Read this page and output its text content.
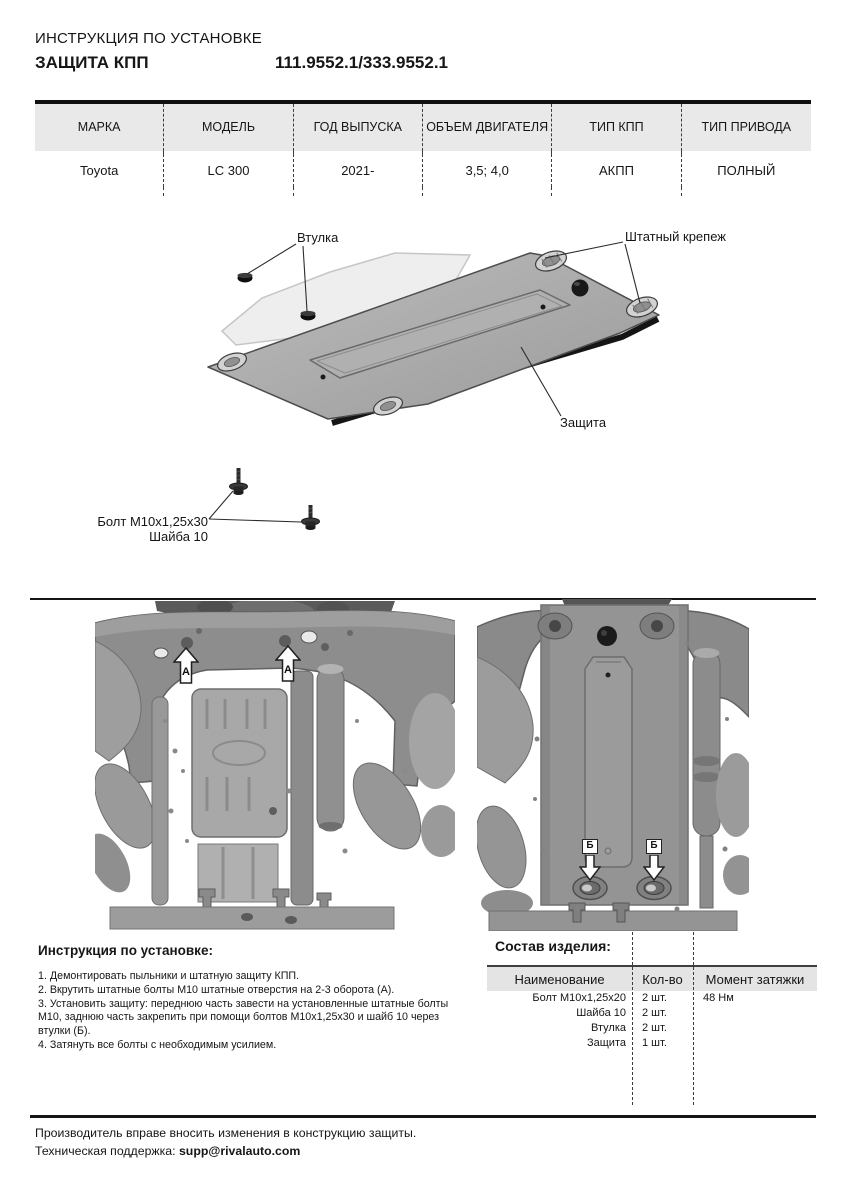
ИНСТРУКЦИЯ ПО УСТАНОВКЕ
ЗАЩИТА КПП	111.9552.1/333.9552.1
МАРКА	МОДЕЛЬ	ГОД ВЫПУСКА	ОБЪЕМ ДВИГАТЕЛЯ	ТИП КПП	ТИП ПРИВОДА
Toyota	LC 300	2021-	3,5; 4,0	АКПП	ПОЛНЫЙ
Втулка	Штатный крепеж
Защита
Болт М10х1,25х30
Шайба 10
А	А
Б	Б
Инструкция по установке:
1. Демонтировать пыльники и штатную защиту КПП.
2. Вкрутить штатные болты М10 штатные отверстия на 2-3 оборота (А).
3. Установить защиту: переднюю часть завести на установленные штатные болты М10, заднюю часть закрепить при помощи болтов М10х1,25х30 и шайб 10 через втулки (Б).
4. Затянуть все болты с необходимым усилием.
Состав изделия:
Наименование	Кол-во	Момент затяжки
Болт М10х1,25х20	2 шт.	48 Нм
Шайба 10	2 шт.
Втулка	2 шт.
Защита	1 шт.
Производитель вправе вносить изменения в конструкцию защиты.
Техническая поддержка: supp@rivalauto.com
